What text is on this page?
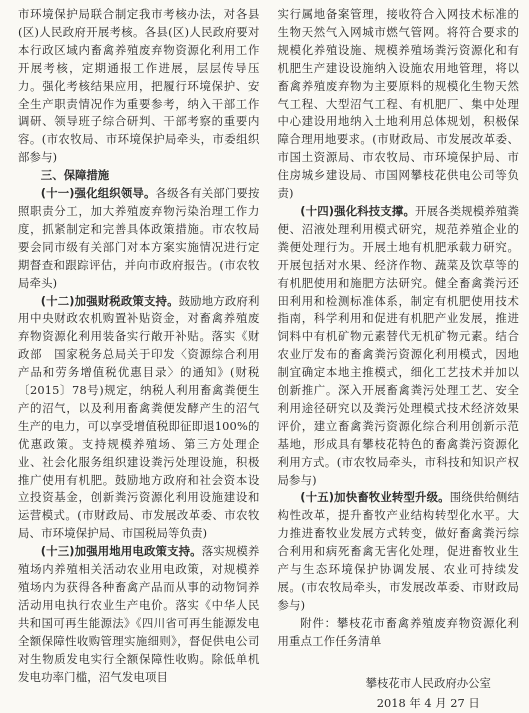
市环境保护局联合制定我市考核办法，对各县(区)人民政府开展考核。各县(区)人民政府要对本行政区域内畜禽养殖废弃物资源化利用工作开展考核，定期通报工作进展，层层传导压力。强化考核结果应用，把履行环境保护、安全生产职责情况作为重要参考，纳入干部工作调研、领导班子综合研判、干部考察的重要内容。(市农牧局、市环境保护局牵头，市委组织部参与)

三、保障措施

(十一)强化组织领导。各级各有关部门要按照职责分工，加大养殖废弃物污染治理工作力度，抓紧制定和完善具体政策措施。市农牧局要会同市级有关部门对本方案实施情况进行定期督查和跟踪评估，并向市政府报告。(市农牧局牵头)

(十二)加强财税政策支持。鼓励地方政府利用中央财政农机购置补贴资金，对畜禽养殖废弃物资源化利用装备实行敞开补贴。落实《财政部　国家税务总局关于印发〈资源综合利用产品和劳务增值税优惠目录〉的通知》(财税〔2015〕78号)规定，纳税人利用畜禽粪便生产的沼气，以及利用畜禽粪便发酵产生的沼气生产的电力，可以享受增值税即征即退100%的优惠政策。支持规模养殖场、第三方处理企业、社会化服务组织建设粪污处理设施，积极推广使用有机肥。鼓励地方政府和社会资本设立投资基金，创新粪污资源化利用设施建设和运营模式。(市财政局、市发展改革委、市农牧局、市环境保护局、市国税局等负责)

(十三)加强用地用电政策支持。落实规模养殖场内养殖相关活动农业用电政策，对规模养殖场内为获得各种畜禽产品而从事的动物饲养活动用电执行农业生产电价。落实《中华人民共和国可再生能源法》《四川省可再生能源发电全额保障性收购管理实施细则》，督促供电公司对生物质发电实行全额保障性收购。除低单机发电功率门槛，沼气发电项目

实行属地备案管理，接收符合入网技术标准的生物天然气入网城市燃气管网。将符合要求的规模化养殖设施、规模养殖场粪污资源化和有机肥生产建设设施纳入设施农用地管理，将以畜禽养殖废弃物为主要原料的规模化生物天然气工程、大型沼气工程、有机肥厂、集中处理中心建设用地纳入土地利用总体规划，积极保障合理用地要求。(市财政局、市发展改革委、市国土资源局、市农牧局、市环境保护局、市住房城乡建设局、市国网攀枝花供电公司等负责)

(十四)强化科技支撑。开展各类规模养殖粪便、沼液处理利用模式研究，规范养殖企业的粪便处理行为。开展土地有机肥承载力研究。开展包括对水果、经济作物、蔬菜及饮草等的有机肥使用和施肥方法研究。健全畜禽粪污还田利用和检测标准体系，制定有机肥使用技术指南，科学利用和促进有机肥产业发展，推进饲料中有机矿物元素替代无机矿物元素。结合农业厅发布的畜禽粪污资源化利用模式，因地制宜确定本地主推模式，细化工艺技术并加以创新推广。深入开展畜禽粪污处理工艺、安全利用途径研究以及粪污处理模式技术经济效果评价，建立畜禽粪污资源化综合利用创新示范基地，形成具有攀枝花特色的畜禽粪污资源化利用方式。(市农牧局牵头，市科技和知识产权局参与)

(十五)加快畜牧业转型升级。围绕供给侧结构性改革，提升畜牧产业结构转型化水平。大力推进畜牧业发展方式转变，做好畜禽粪污综合利用和病死畜禽无害化处理，促进畜牧业生产与生态环境保护协调发展、农业可持续发展。(市农牧局牵头，市发展改革委、市财政局参与)

附件：攀枝花市畜禽养殖废弃物资源化利用重点工作任务清单

攀枝花市人民政府办公室
2018 年 4 月 27 日
